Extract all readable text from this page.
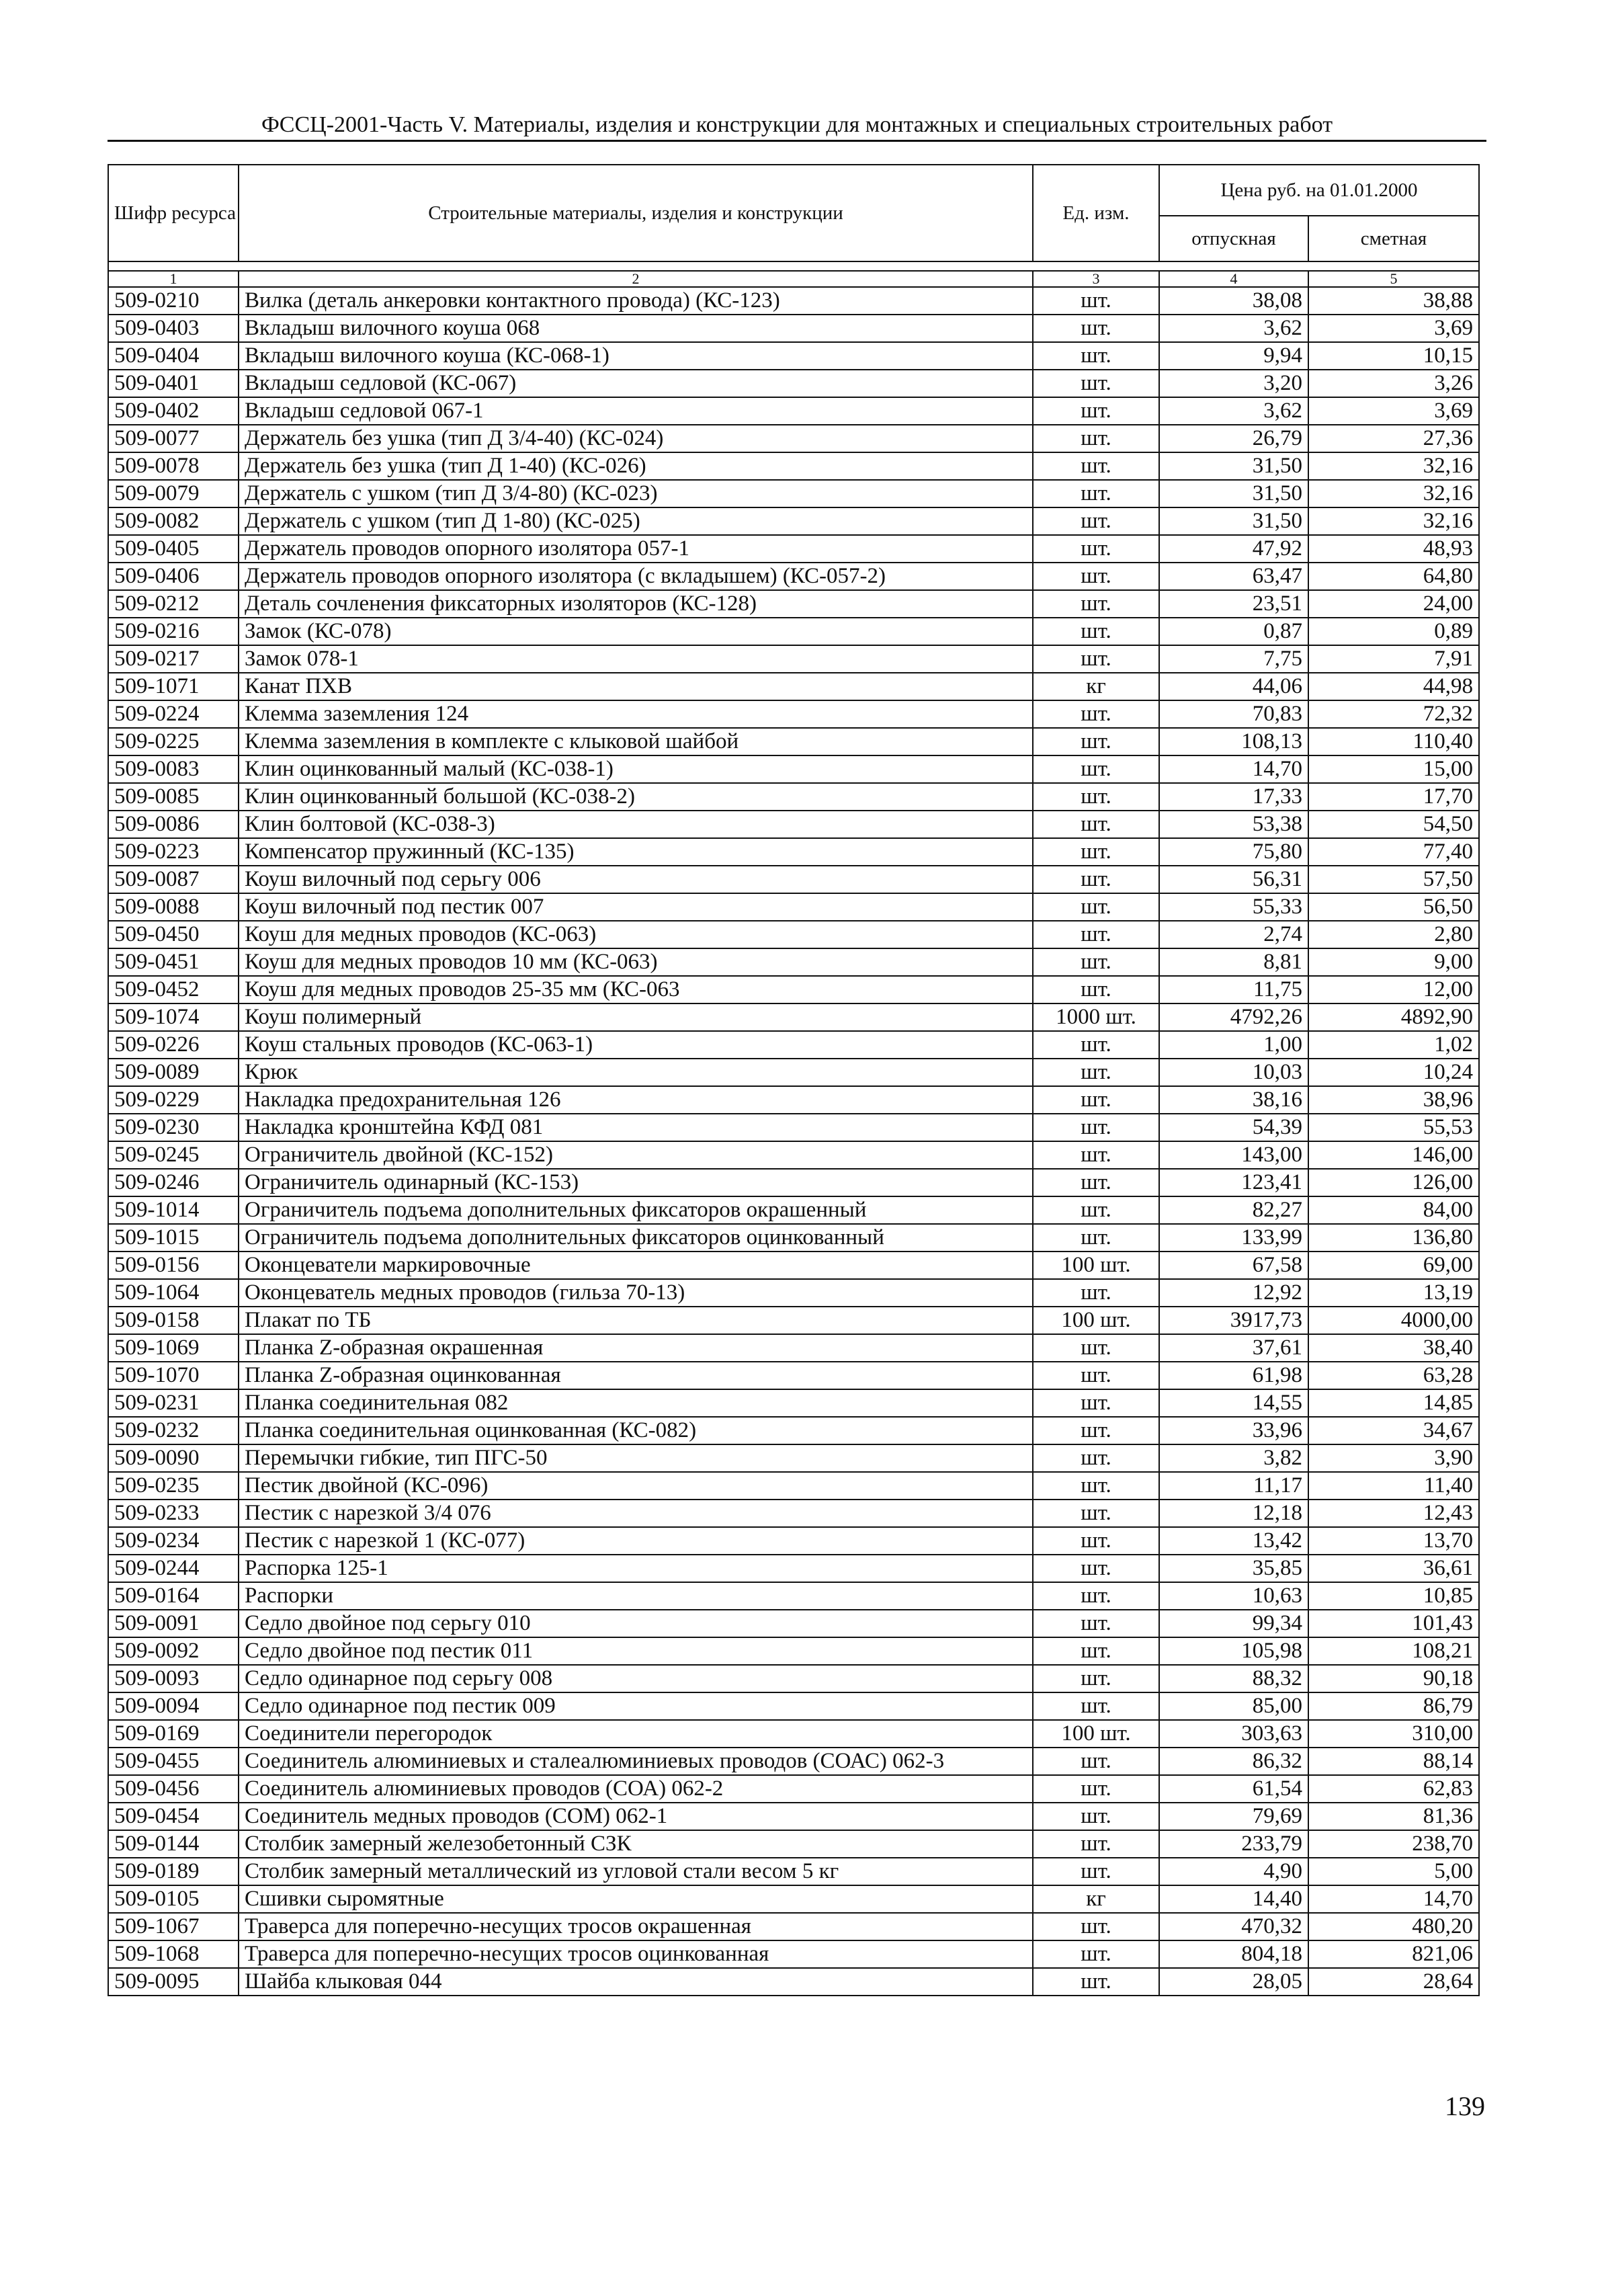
ФССЦ-2001-Часть V. Материалы, изделия и конструкции для монтажных и специальных строительных работ
Шифр ресурса	Строительные материалы, изделия и конструкции	Ед. изм.	Цена руб. на 01.01.2000	
			отпускная	сметная

1	2	3	4	5
509-0210	Вилка (деталь анкеровки контактного провода) (КС-123)	шт.	38,08	38,88
509-0403	Вкладыш вилочного коуша 068	шт.	3,62	3,69
509-0404	Вкладыш вилочного коуша (КС-068-1)	шт.	9,94	10,15
509-0401	Вкладыш седловой (КС-067)	шт.	3,20	3,26
509-0402	Вкладыш седловой 067-1	шт.	3,62	3,69
509-0077	Держатель без ушка (тип Д 3/4-40) (КС-024)	шт.	26,79	27,36
509-0078	Держатель без ушка (тип Д 1-40) (КС-026)	шт.	31,50	32,16
509-0079	Держатель с ушком (тип Д 3/4-80) (КС-023)	шт.	31,50	32,16
509-0082	Держатель с ушком (тип Д 1-80) (КС-025)	шт.	31,50	32,16
509-0405	Держатель проводов опорного изолятора 057-1	шт.	47,92	48,93
509-0406	Держатель проводов опорного изолятора (с вкладышем) (КС-057-2)	шт.	63,47	64,80
509-0212	Деталь сочленения фиксаторных изоляторов (КС-128)	шт.	23,51	24,00
509-0216	Замок (КС-078)	шт.	0,87	0,89
509-0217	Замок 078-1	шт.	7,75	7,91
509-1071	Канат ПХВ	кг	44,06	44,98
509-0224	Клемма заземления 124	шт.	70,83	72,32
509-0225	Клемма заземления в комплекте с клыковой шайбой	шт.	108,13	110,40
509-0083	Клин оцинкованный малый (КС-038-1)	шт.	14,70	15,00
509-0085	Клин оцинкованный большой (КС-038-2)	шт.	17,33	17,70
509-0086	Клин болтовой (КС-038-3)	шт.	53,38	54,50
509-0223	Компенсатор пружинный (КС-135)	шт.	75,80	77,40
509-0087	Коуш вилочный под серьгу 006	шт.	56,31	57,50
509-0088	Коуш вилочный под пестик 007	шт.	55,33	56,50
509-0450	Коуш для медных проводов (КС-063)	шт.	2,74	2,80
509-0451	Коуш для медных проводов 10 мм (КС-063)	шт.	8,81	9,00
509-0452	Коуш для медных проводов 25-35 мм (КС-063	шт.	11,75	12,00
509-1074	Коуш полимерный	1000 шт.	4792,26	4892,90
509-0226	Коуш стальных проводов (КС-063-1)	шт.	1,00	1,02
509-0089	Крюк	шт.	10,03	10,24
509-0229	Накладка предохранительная 126	шт.	38,16	38,96
509-0230	Накладка кронштейна КФД 081	шт.	54,39	55,53
509-0245	Ограничитель двойной (КС-152)	шт.	143,00	146,00
509-0246	Ограничитель одинарный (КС-153)	шт.	123,41	126,00
509-1014	Ограничитель подъема дополнительных фиксаторов окрашенный	шт.	82,27	84,00
509-1015	Ограничитель подъема дополнительных фиксаторов оцинкованный	шт.	133,99	136,80
509-0156	Оконцеватели маркировочные	100 шт.	67,58	69,00
509-1064	Оконцеватель медных проводов (гильза 70-13)	шт.	12,92	13,19
509-0158	Плакат по ТБ	100 шт.	3917,73	4000,00
509-1069	Планка Z-образная окрашенная	шт.	37,61	38,40
509-1070	Планка Z-образная оцинкованная	шт.	61,98	63,28
509-0231	Планка соединительная 082	шт.	14,55	14,85
509-0232	Планка соединительная оцинкованная (КС-082)	шт.	33,96	34,67
509-0090	Перемычки гибкие, тип ПГС-50	шт.	3,82	3,90
509-0235	Пестик двойной (КС-096)	шт.	11,17	11,40
509-0233	Пестик с нарезкой 3/4 076	шт.	12,18	12,43
509-0234	Пестик с нарезкой 1 (КС-077)	шт.	13,42	13,70
509-0244	Распорка 125-1	шт.	35,85	36,61
509-0164	Распорки	шт.	10,63	10,85
509-0091	Седло двойное под серьгу 010	шт.	99,34	101,43
509-0092	Седло двойное под пестик 011	шт.	105,98	108,21
509-0093	Седло одинарное под серьгу 008	шт.	88,32	90,18
509-0094	Седло одинарное под пестик 009	шт.	85,00	86,79
509-0169	Соединители перегородок	100 шт.	303,63	310,00
509-0455	Соединитель алюминиевых и сталеалюминиевых проводов (СОАС) 062-3	шт.	86,32	88,14
509-0456	Соединитель алюминиевых проводов (СОА) 062-2	шт.	61,54	62,83
509-0454	Соединитель медных проводов (СОМ) 062-1	шт.	79,69	81,36
509-0144	Столбик замерный железобетонный СЗК	шт.	233,79	238,70
509-0189	Столбик замерный металлический из угловой стали весом 5 кг	шт.	4,90	5,00
509-0105	Сшивки сыромятные	кг	14,40	14,70
509-1067	Траверса для поперечно-несущих тросов окрашенная	шт.	470,32	480,20
509-1068	Траверса для поперечно-несущих тросов оцинкованная	шт.	804,18	821,06
509-0095	Шайба клыковая 044	шт.	28,05	28,64
139
